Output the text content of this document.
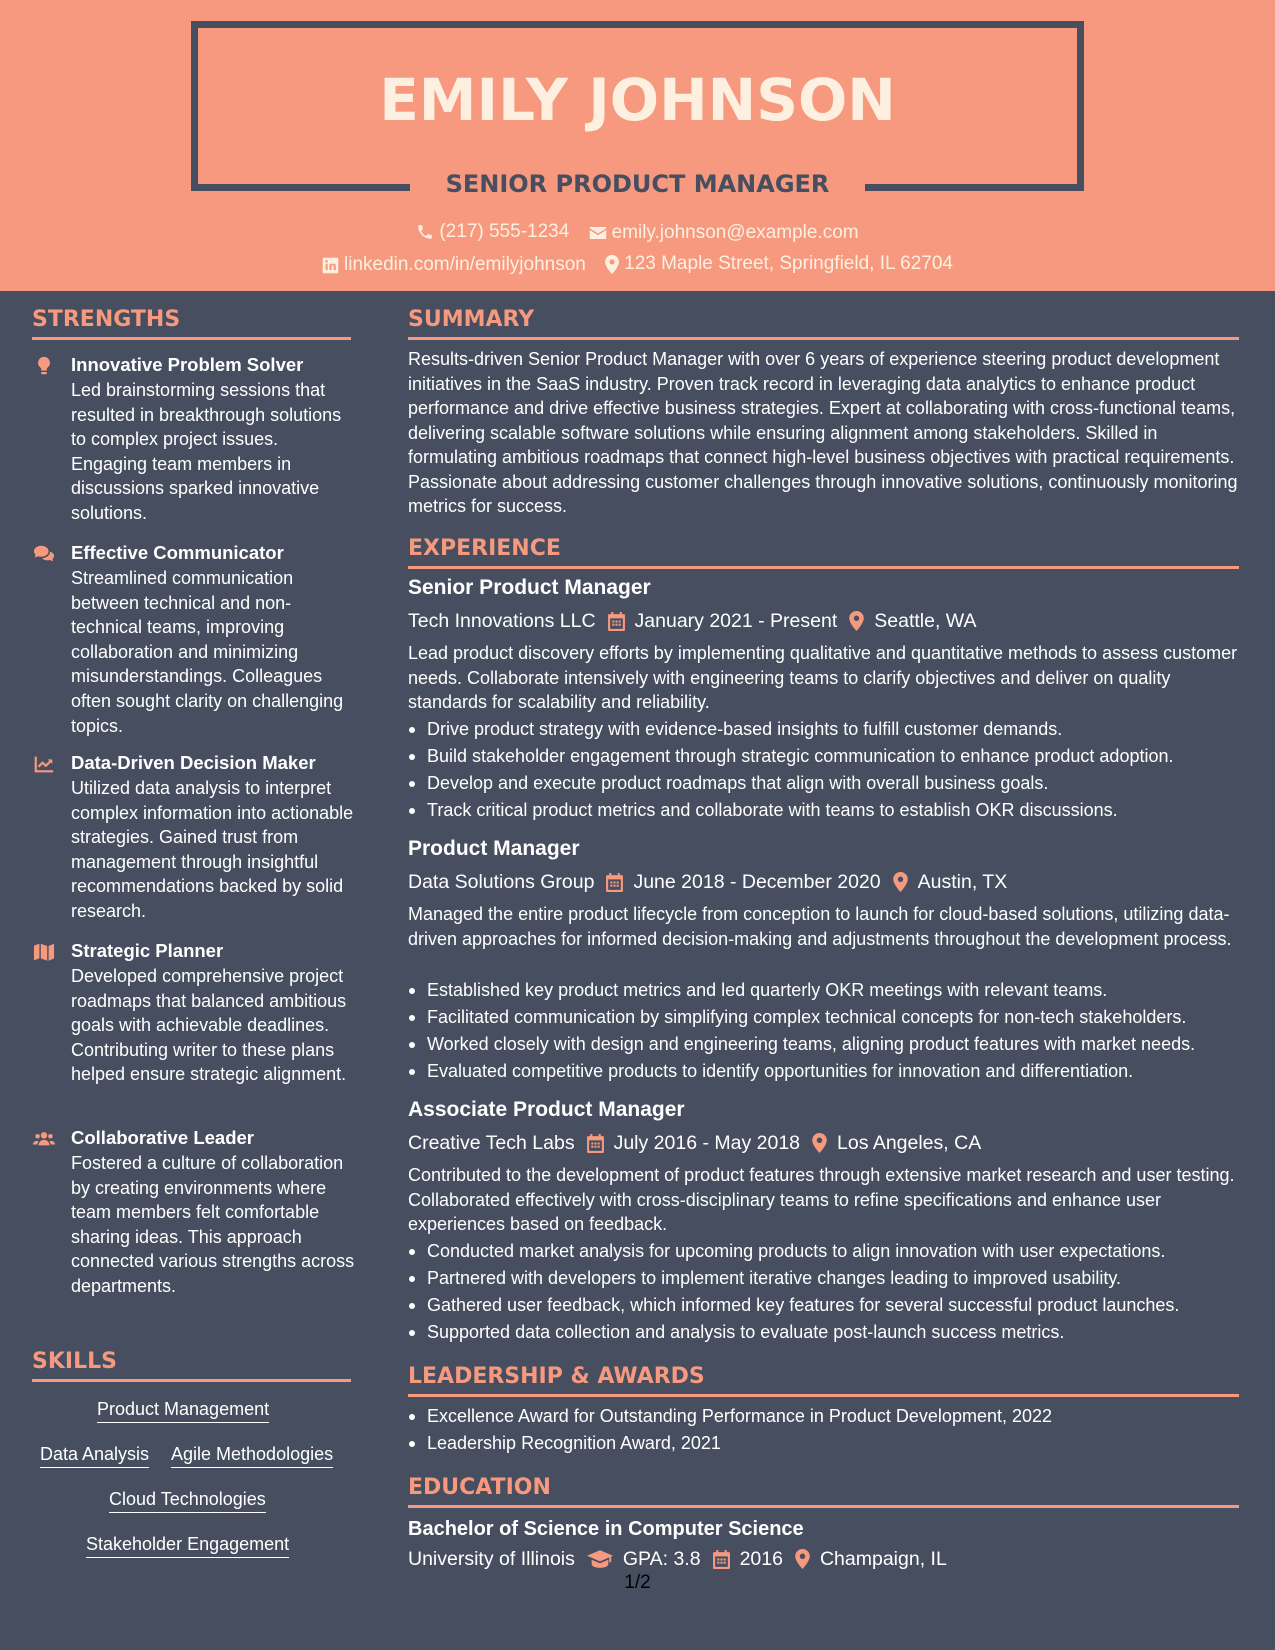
EMILY JOHNSON
SENIOR PRODUCT MANAGER
(217) 555-1234
emily.johnson@example.com
linkedin.com/in/emilyjohnson
123 Maple Street, Springfield, IL 62704
STRENGTHS
Innovative Problem Solver
Led brainstorming sessions that resulted in breakthrough solutions to complex project issues. Engaging team members in discussions sparked innovative solutions.
Effective Communicator
Streamlined communication between technical and non-technical teams, improving collaboration and minimizing misunderstandings. Colleagues often sought clarity on challenging topics.
Data-Driven Decision Maker
Utilized data analysis to interpret complex information into actionable strategies. Gained trust from management through insightful recommendations backed by solid research.
Strategic Planner
Developed comprehensive project roadmaps that balanced ambitious goals with achievable deadlines. Contributing writer to these plans helped ensure strategic alignment.
Collaborative Leader
Fostered a culture of collaboration by creating environments where team members felt comfortable sharing ideas. This approach connected various strengths across departments.
SKILLS
Product Management
Data Analysis Agile Methodologies
Cloud Technologies
Stakeholder Engagement
SUMMARY
Results-driven Senior Product Manager with over 6 years of experience steering product development initiatives in the SaaS industry. Proven track record in leveraging data analytics to enhance product performance and drive effective business strategies. Expert at collaborating with cross-functional teams, delivering scalable software solutions while ensuring alignment among stakeholders. Skilled in formulating ambitious roadmaps that connect high-level business objectives with practical requirements. Passionate about addressing customer challenges through innovative solutions, continuously monitoring metrics for success.
EXPERIENCE
Senior Product Manager
Tech Innovations LLC January 2021 - Present Seattle, WA
Lead product discovery efforts by implementing qualitative and quantitative methods to assess customer needs. Collaborate intensively with engineering teams to clarify objectives and deliver on quality standards for scalability and reliability.
Drive product strategy with evidence-based insights to fulfill customer demands.
Build stakeholder engagement through strategic communication to enhance product adoption.
Develop and execute product roadmaps that align with overall business goals.
Track critical product metrics and collaborate with teams to establish OKR discussions.
Product Manager
Data Solutions Group June 2018 - December 2020 Austin, TX
Managed the entire product lifecycle from conception to launch for cloud-based solutions, utilizing data-driven approaches for informed decision-making and adjustments throughout the development process.
Established key product metrics and led quarterly OKR meetings with relevant teams.
Facilitated communication by simplifying complex technical concepts for non-tech stakeholders.
Worked closely with design and engineering teams, aligning product features with market needs.
Evaluated competitive products to identify opportunities for innovation and differentiation.
Associate Product Manager
Creative Tech Labs July 2016 - May 2018 Los Angeles, CA
Contributed to the development of product features through extensive market research and user testing. Collaborated effectively with cross-disciplinary teams to refine specifications and enhance user experiences based on feedback.
Conducted market analysis for upcoming products to align innovation with user expectations.
Partnered with developers to implement iterative changes leading to improved usability.
Gathered user feedback, which informed key features for several successful product launches.
Supported data collection and analysis to evaluate post-launch success metrics.
LEADERSHIP & AWARDS
Excellence Award for Outstanding Performance in Product Development, 2022
Leadership Recognition Award, 2021
EDUCATION
Bachelor of Science in Computer Science
University of Illinois GPA: 3.8 2016 Champaign, IL
1/2
